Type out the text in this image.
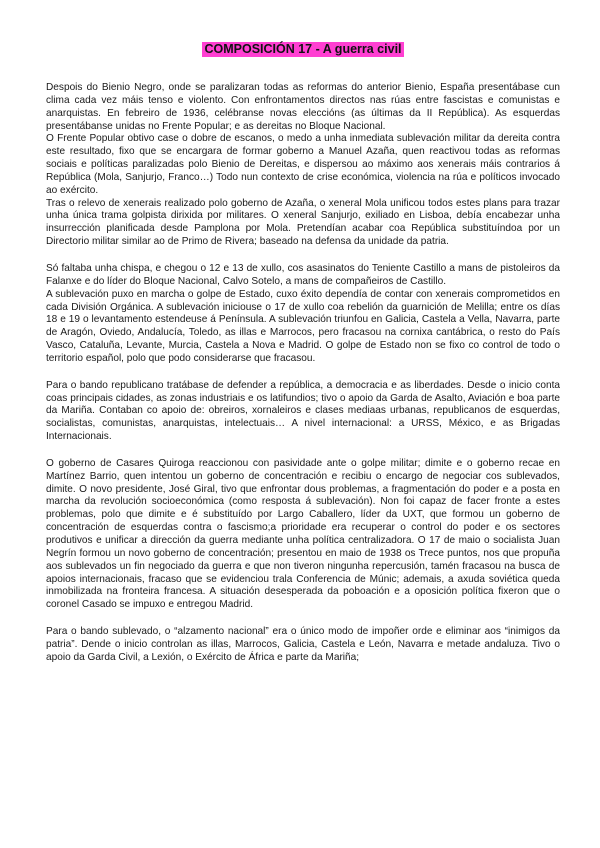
COMPOSICIÓN 17 - A guerra civil

Despois do Bienio Negro, onde se paralizaran todas as reformas do anterior Bienio, España presentábase cun clima cada vez máis tenso e violento. Con enfrontamentos directos nas rúas entre fascistas e comunistas e anarquistas. En febreiro de 1936, celébranse novas eleccións (as últimas da II República). As esquerdas presentábanse unidas no Frente Popular; e as dereitas no Bloque Nacional.

O Frente Popular obtivo case o dobre de escanos, o medo a unha inmediata sublevación militar da dereita contra este resultado, fixo que se encargara de formar goberno a Manuel Azaña, quen reactivou todas as reformas sociais e políticas paralizadas polo Bienio de Dereitas, e dispersou ao máximo aos xenerais máis contrarios á República (Mola, Sanjurjo, Franco…) Todo nun contexto de crise económica, violencia na rúa e políticos invocado ao exército.

Tras o relevo de xenerais realizado polo goberno de Azaña, o xeneral Mola unificou todos estes plans para trazar unha única trama golpista dirixida por militares. O xeneral Sanjurjo, exiliado en Lisboa, debía encabezar unha insurrección planificada desde Pamplona por Mola. Pretendían acabar coa República substituíndoa por un Directorio militar similar ao de Primo de Rivera; baseado na defensa da unidade da patria.

Só faltaba unha chispa, e chegou o 12 e 13 de xullo, cos asasinatos do Teniente Castillo a mans de pistoleiros da Falanxe e do líder do Bloque Nacional, Calvo Sotelo, a mans de compañeiros de Castillo.

A sublevación puxo en marcha o golpe de Estado, cuxo éxito dependía de contar con xenerais comprometidos en cada División Orgánica. A sublevación iniciouse o 17 de xullo coa rebelión da guarnición de Melilla; entre os días 18 e 19 o levantamento estendeuse á Península. A sublevación triunfou en Galicia, Castela a Vella, Navarra, parte de Aragón, Oviedo, Andalucía, Toledo, as illas e Marrocos, pero fracasou na cornixa cantábrica, o resto do País Vasco, Cataluña, Levante, Murcia, Castela a Nova e Madrid. O golpe de Estado non se fixo co control de todo o territorio español, polo que podo considerarse que fracasou.

Para o bando republicano tratábase de defender a república, a democracia e as liberdades. Desde o inicio conta coas principais cidades, as zonas industriais e os latifundios; tivo o apoio da Garda de Asalto, Aviación e boa parte da Mariña. Contaban co apoio de: obreiros, xornaleiros e clases mediaas urbanas, republicanos de esquerdas, socialistas, comunistas, anarquistas, intelectuais… A nivel internacional: a URSS, México, e as Brigadas Internacionais.

O goberno de Casares Quiroga reaccionou con pasividade ante o golpe militar; dimite e o goberno recae en Martínez Barrio, quen intentou un goberno de concentración e recibiu o encargo de negociar cos sublevados, dimite. O novo presidente, José Giral, tivo que enfrontar dous problemas, a fragmentación do poder e a posta en marcha da revolución socioeconómica (como resposta á sublevación). Non foi capaz de facer fronte a estes problemas, polo que dimite e é substituído por Largo Caballero, líder da UXT, que formou un goberno de concentración de esquerdas contra o fascismo;a prioridade era recuperar o control do poder e os sectores produtivos e unificar a dirección da guerra mediante unha política centralizadora. O 17 de maio o socialista Juan Negrín formou un novo goberno de concentración; presentou en maio de 1938 os Trece puntos, nos que propuña aos sublevados un fin negociado da guerra e que non tiveron ningunha repercusión, tamén fracasou na busca de apoios internacionais, fracaso que se evidenciou trala Conferencia de Múnic; ademais, a axuda soviética queda inmobilizada na fronteira francesa. A situación desesperada da poboación e a oposición política fixeron que o coronel Casado se impuxo e entregou Madrid.

Para o bando sublevado, o “alzamento nacional” era o único modo de impoñer orde e eliminar aos “inimigos da patria”. Dende o inicio controlan as illas, Marrocos, Galicia, Castela e León, Navarra e metade andaluza. Tivo o apoio da Garda Civil, a Lexión, o Exército de África e parte da Mariña;
